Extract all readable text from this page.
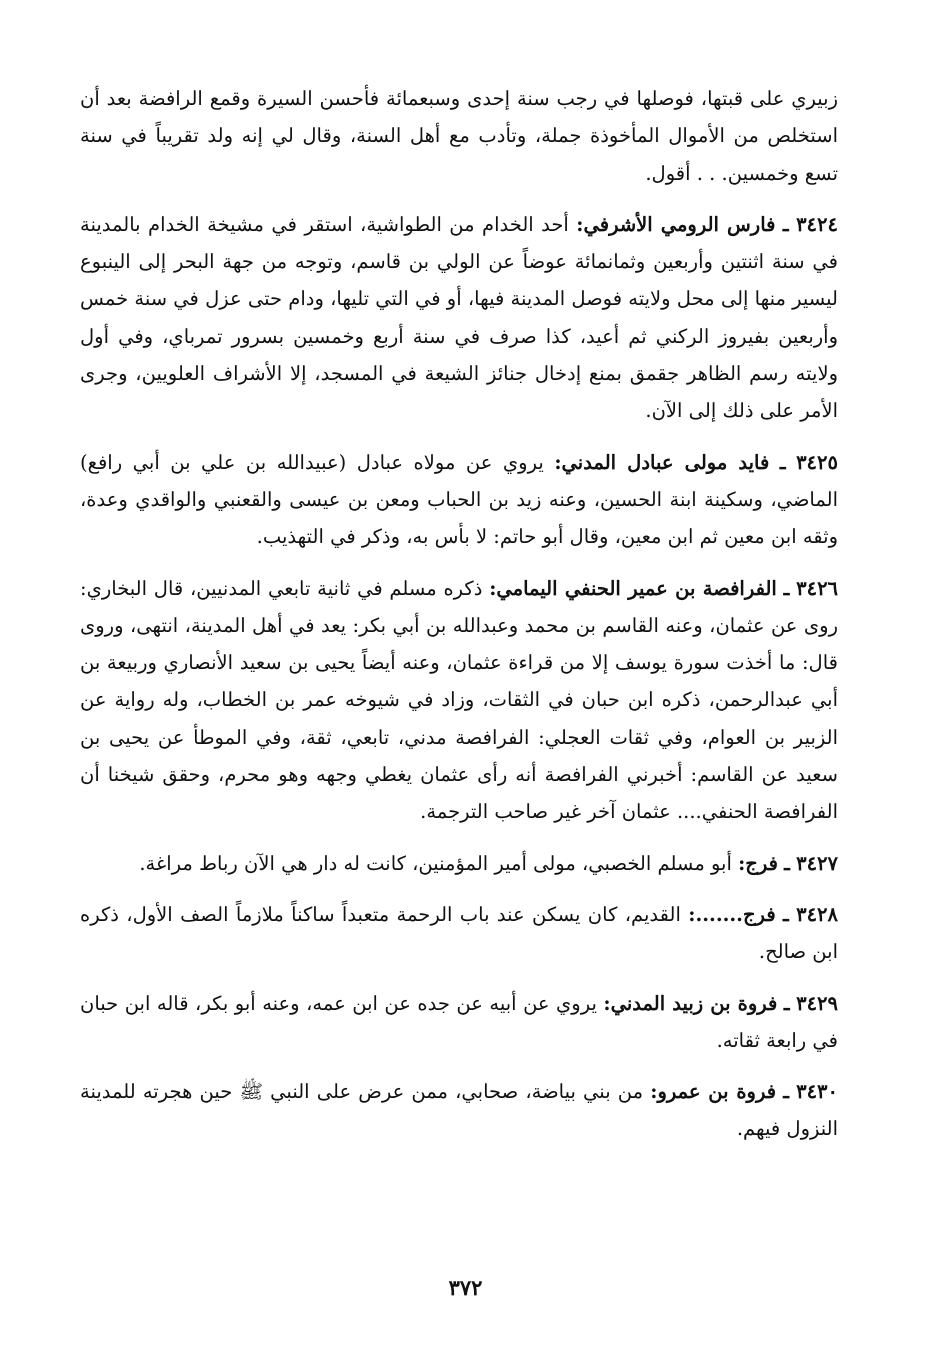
زبيري على قبتها، فوصلها في رجب سنة إحدى وسبعمائة فأحسن السيرة وقمع الرافضة بعد أن استخلص من الأموال المأخوذة جملة، وتأدب مع أهل السنة، وقال لي إنه ولد تقريباً في سنة تسع وخمسين. . . أقول.

٣٤٢٤ ـ فارس الرومي الأشرفي: أحد الخدام من الطواشية، استقر في مشيخة الخدام بالمدينة في سنة اثنتين وأربعين وثمانمائة عوضاً عن الولي بن قاسم، وتوجه من جهة البحر إلى الينبوع ليسير منها إلى محل ولايته فوصل المدينة فيها، أو في التي تليها، ودام حتى عزل في سنة خمس وأربعين بفيروز الركني ثم أعيد، كذا صرف في سنة أربع وخمسين بسرور تمرباي، وفي أول ولايته رسم الظاهر جقمق بمنع إدخال جنائز الشيعة في المسجد، إلا الأشراف العلويين، وجرى الأمر على ذلك إلى الآن.

٣٤٢٥ ـ فايد مولى عبادل المدني: يروي عن مولاه عبادل (عبيدالله بن علي بن أبي رافع) الماضي، وسكينة ابنة الحسين، وعنه زيد بن الحباب ومعن بن عيسى والقعنبي والواقدي وعدة، وثقه ابن معين ثم ابن معين، وقال أبو حاتم: لا بأس به، وذكر في التهذيب.

٣٤٢٦ ـ الفرافصة بن عمير الحنفي اليمامي: ذكره مسلم في ثانية تابعي المدنيين، قال البخاري: روى عن عثمان، وعنه القاسم بن محمد وعبدالله بن أبي بكر: يعد في أهل المدينة، انتهى، وروى قال: ما أخذت سورة يوسف إلا من قراءة عثمان، وعنه أيضاً يحيى بن سعيد الأنصاري وربيعة بن أبي عبدالرحمن، ذكره ابن حبان في الثقات، وزاد في شيوخه عمر بن الخطاب، وله رواية عن الزبير بن العوام، وفي ثقات العجلي: الفرافصة مدني، تابعي، ثقة، وفي الموطأ عن يحيى بن سعيد عن القاسم: أخبرني الفرافصة أنه رأى عثمان يغطي وجهه وهو محرم، وحقق شيخنا أن الفرافصة الحنفي.... عثمان آخر غير صاحب الترجمة.

٣٤٢٧ ـ فرج: أبو مسلم الخصبي، مولى أمير المؤمنين، كانت له دار هي الآن رباط مراغة.

٣٤٢٨ ـ فرج.......: القديم، كان يسكن عند باب الرحمة متعبداً ساكناً ملازماً الصف الأول، ذكره ابن صالح.

٣٤٢٩ ـ فروة بن زبيد المدني: يروي عن أبيه عن جده عن ابن عمه، وعنه أبو بكر، قاله ابن حبان في رابعة ثقاته.

٣٤٣٠ ـ فروة بن عمرو: من بني بياضة، صحابي، ممن عرض على النبي ﷺ حين هجرته للمدينة النزول فيهم.

٣٧٢
